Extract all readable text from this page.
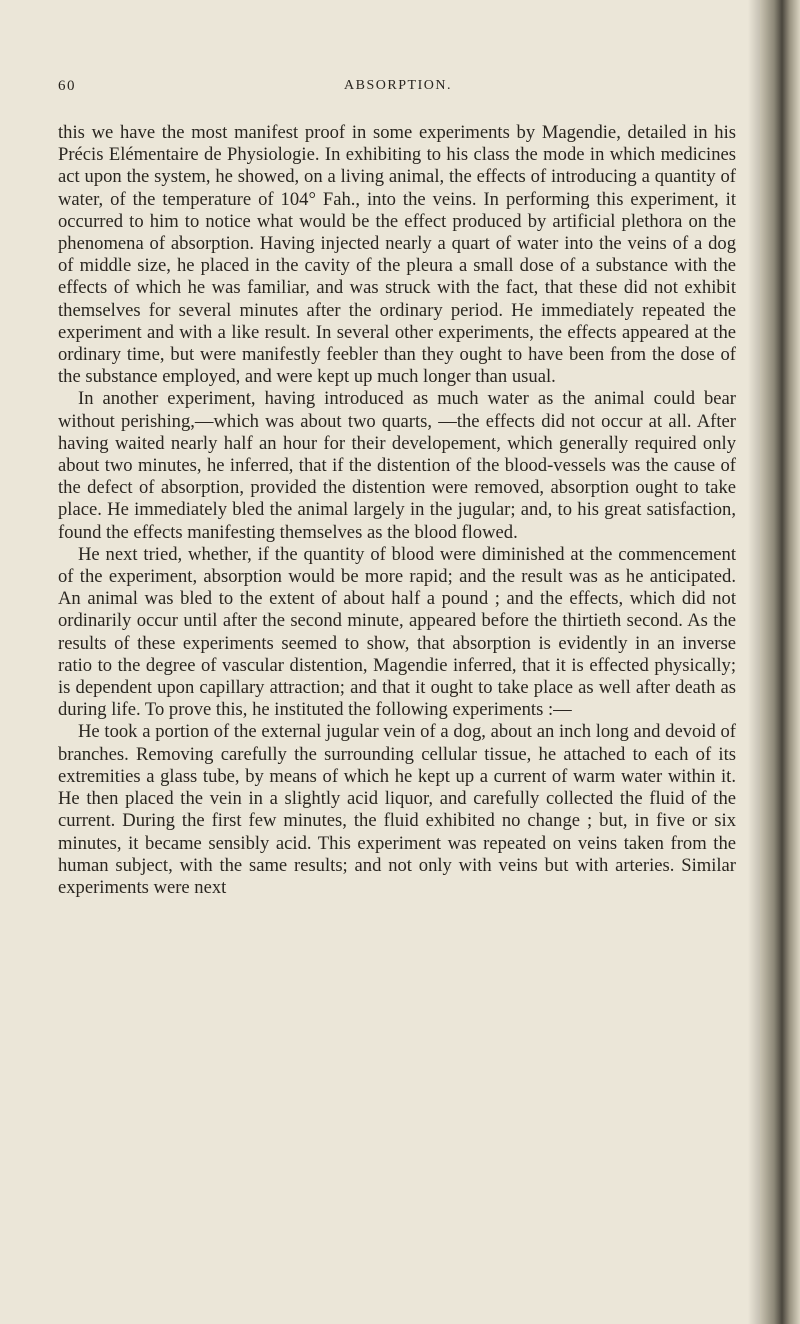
60	ABSORPTION.

this we have the most manifest proof in some experiments by Magendie, detailed in his Précis Elémentaire de Physiologie. In exhibiting to his class the mode in which medicines act upon the system, he showed, on a living animal, the effects of introducing a quantity of water, of the temperature of 104° Fah., into the veins. In performing this experiment, it occurred to him to notice what would be the effect produced by artificial plethora on the phenomena of absorption. Having injected nearly a quart of water into the veins of a dog of middle size, he placed in the cavity of the pleura a small dose of a substance with the effects of which he was familiar, and was struck with the fact, that these did not exhibit themselves for several minutes after the ordinary period. He immediately repeated the experiment and with a like result. In several other experiments, the effects appeared at the ordinary time, but were manifestly feebler than they ought to have been from the dose of the substance employed, and were kept up much longer than usual.

In another experiment, having introduced as much water as the animal could bear without perishing,—which was about two quarts, —the effects did not occur at all. After having waited nearly half an hour for their developement, which generally required only about two minutes, he inferred, that if the distention of the blood-vessels was the cause of the defect of absorption, provided the distention were removed, absorption ought to take place. He immediately bled the animal largely in the jugular; and, to his great satisfaction, found the effects manifesting themselves as the blood flowed.

He next tried, whether, if the quantity of blood were diminished at the commencement of the experiment, absorption would be more rapid; and the result was as he anticipated. An animal was bled to the extent of about half a pound ; and the effects, which did not ordinarily occur until after the second minute, appeared before the thirtieth second. As the results of these experiments seemed to show, that absorption is evidently in an inverse ratio to the degree of vascular distention, Magendie inferred, that it is effected physically; is dependent upon capillary attraction; and that it ought to take place as well after death as during life. To prove this, he instituted the following experiments :—

He took a portion of the external jugular vein of a dog, about an inch long and devoid of branches. Removing carefully the surrounding cellular tissue, he attached to each of its extremities a glass tube, by means of which he kept up a current of warm water within it. He then placed the vein in a slightly acid liquor, and carefully collected the fluid of the current. During the first few minutes, the fluid exhibited no change ; but, in five or six minutes, it became sensibly acid. This experiment was repeated on veins taken from the human subject, with the same results; and not only with veins but with arteries. Similar experiments were next
